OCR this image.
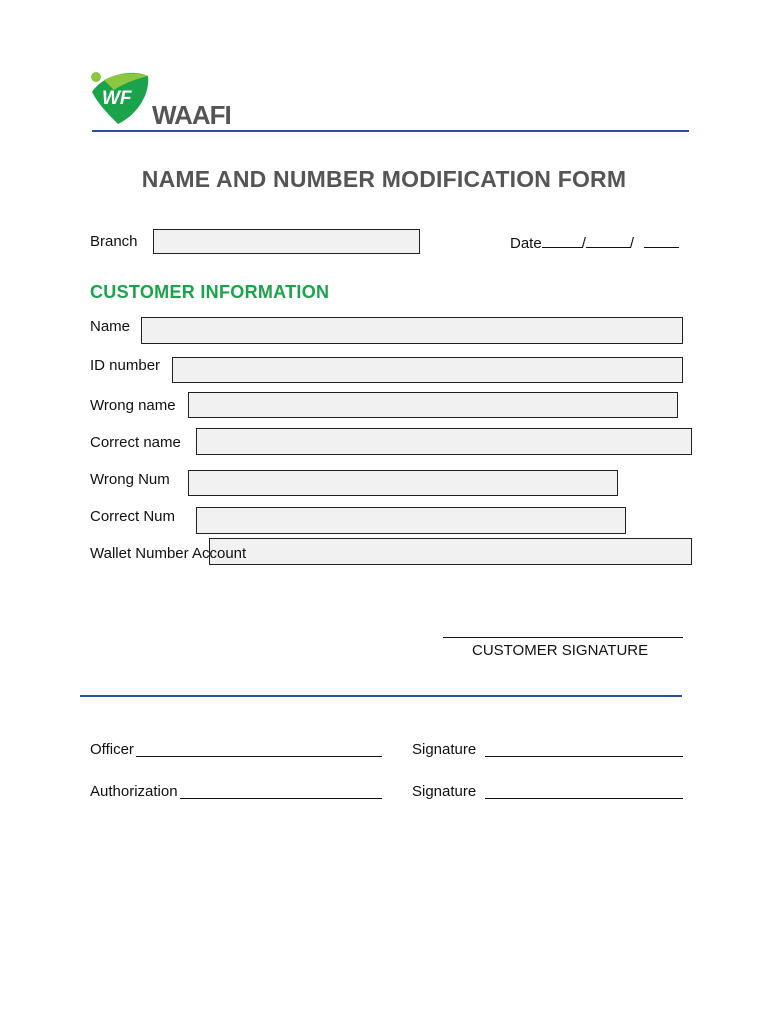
WF
WAAFI
NAME AND NUMBER MODIFICATION FORM
Branch	Date	/	/
CUSTOMER INFORMATION
Name
ID number
Wrong name
Correct name
Wrong Num
Correct Num
Wallet Number Account
CUSTOMER SIGNATURE
Officer	Signature
Authorization	Signature
